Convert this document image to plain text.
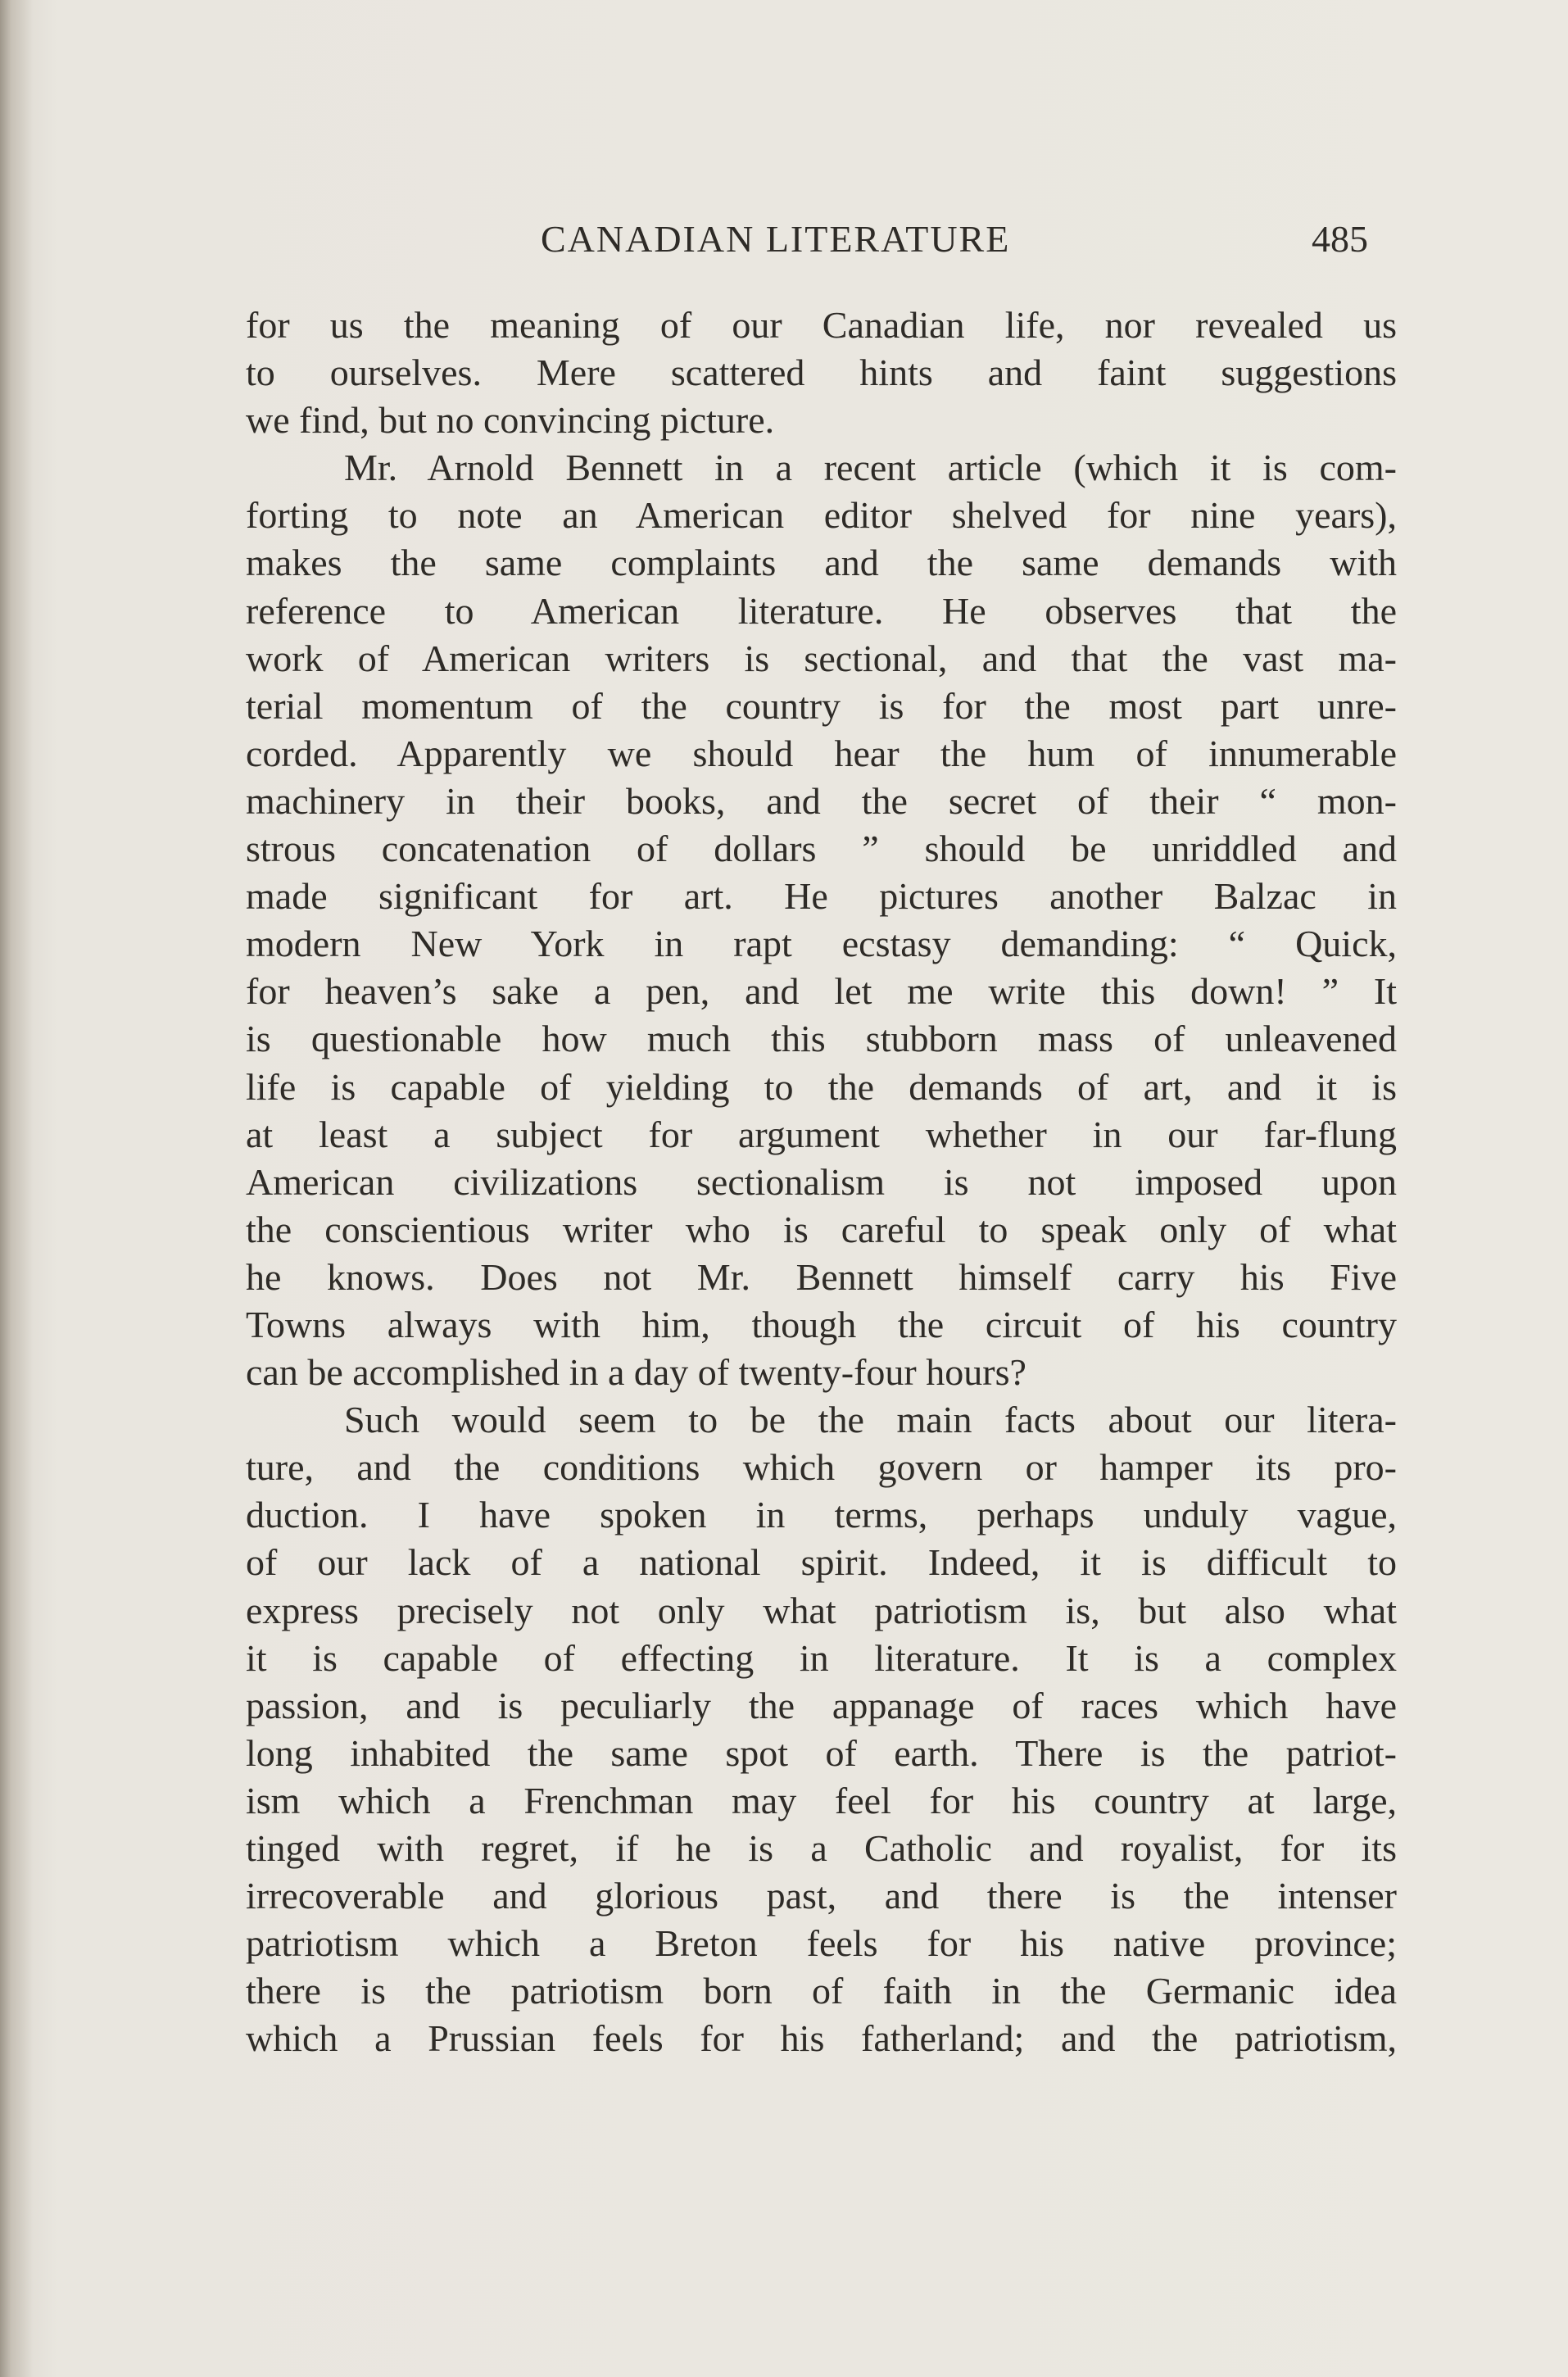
CANADIAN LITERATURE	485
for us the meaning of our Canadian life, nor revealed us
to ourselves. Mere scattered hints and faint suggestions
we find, but no convincing picture.
Mr. Arnold Bennett in a recent article (which it is com-
forting to note an American editor shelved for nine years),
makes the same complaints and the same demands with
reference to American literature. He observes that the
work of American writers is sectional, and that the vast ma-
terial momentum of the country is for the most part unre-
corded. Apparently we should hear the hum of innumerable
machinery in their books, and the secret of their “ mon-
strous concatenation of dollars ” should be unriddled and
made significant for art. He pictures another Balzac in
modern New York in rapt ecstasy demanding: “ Quick,
for heaven’s sake a pen, and let me write this down! ” It
is questionable how much this stubborn mass of unleavened
life is capable of yielding to the demands of art, and it is
at least a subject for argument whether in our far-flung
American civilizations sectionalism is not imposed upon
the conscientious writer who is careful to speak only of what
he knows. Does not Mr. Bennett himself carry his Five
Towns always with him, though the circuit of his country
can be accomplished in a day of twenty-four hours?
Such would seem to be the main facts about our litera-
ture, and the conditions which govern or hamper its pro-
duction. I have spoken in terms, perhaps unduly vague,
of our lack of a national spirit. Indeed, it is difficult to
express precisely not only what patriotism is, but also what
it is capable of effecting in literature. It is a complex
passion, and is peculiarly the appanage of races which have
long inhabited the same spot of earth. There is the patriot-
ism which a Frenchman may feel for his country at large,
tinged with regret, if he is a Catholic and royalist, for its
irrecoverable and glorious past, and there is the intenser
patriotism which a Breton feels for his native province;
there is the patriotism born of faith in the Germanic idea
which a Prussian feels for his fatherland; and the patriotism,
